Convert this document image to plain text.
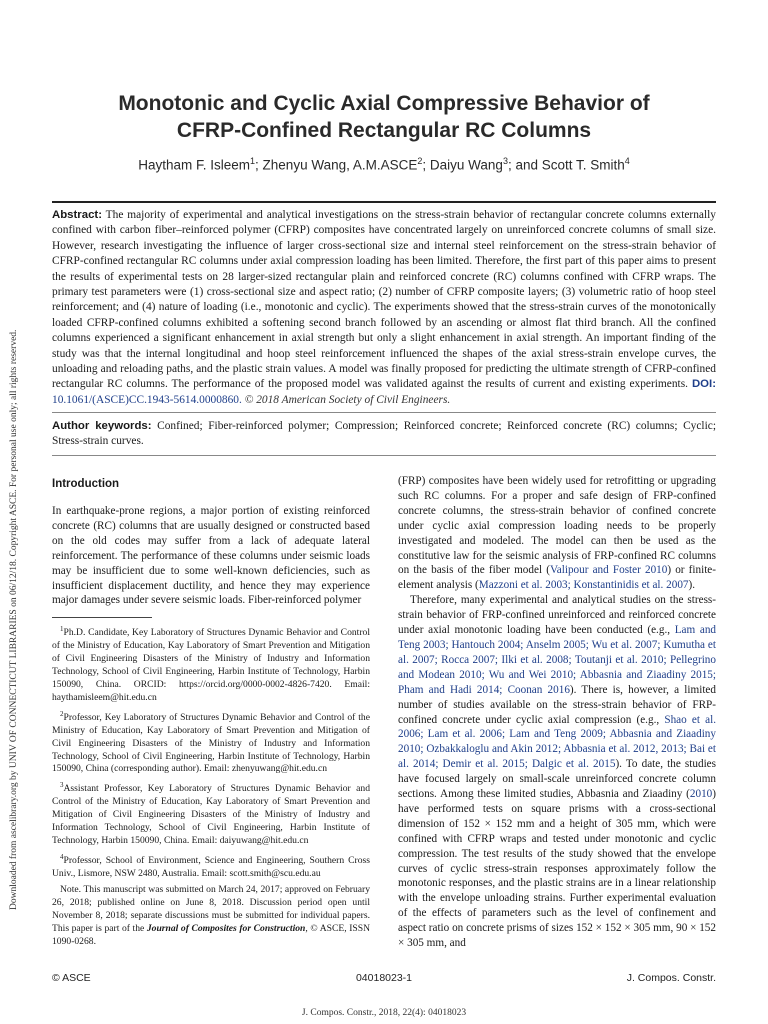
Downloaded from ascelibrary.org by UNIV OF CONNECTICUT LIBRARIES on 06/12/18. Copyright ASCE. For personal use only; all rights reserved.
Monotonic and Cyclic Axial Compressive Behavior of
CFRP-Confined Rectangular RC Columns
Haytham F. Isleem$^1$; Zhenyu Wang, A.M.ASCE$^2$; Daiyu Wang$^3$; and Scott T. Smith$^4$
Abstract: The majority of experimental and analytical investigations on the stress-strain behavior of rectangular concrete columns externally confined with carbon fiber–reinforced polymer (CFRP) composites have concentrated largely on unreinforced concrete columns of small size. However, research investigating the influence of larger cross-sectional size and internal steel reinforcement on the stress-strain behavior of CFRP-confined rectangular RC columns under axial compression loading has been limited. Therefore, the first part of this paper aims to present the results of experimental tests on 28 larger-sized rectangular plain and reinforced concrete (RC) columns confined with CFRP wraps. The primary test parameters were (1) cross-sectional size and aspect ratio; (2) number of CFRP composite layers; (3) volumetric ratio of hoop steel reinforcement; and (4) nature of loading (i.e., monotonic and cyclic). The experiments showed that the stress-strain curves of the monotonically loaded CFRP-confined columns exhibited a softening second branch followed by an ascending or almost flat third branch. All the confined columns experienced a significant enhancement in axial strength but only a slight enhancement in axial strength. An important finding of the study was that the internal longitudinal and hoop steel reinforcement influenced the shapes of the axial stress-strain envelope curves, the unloading and reloading paths, and the plastic strain values. A model was finally proposed for predicting the ultimate strength of CFRP-confined rectangular RC columns. The performance of the proposed model was validated against the results of current and existing experiments. DOI: 10.1061/(ASCE)CC.1943-5614.0000860. © 2018 American Society of Civil Engineers.
Author keywords: Confined; Fiber-reinforced polymer; Compression; Reinforced concrete; Reinforced concrete (RC) columns; Cyclic; Stress-strain curves.
Introduction
In earthquake-prone regions, a major portion of existing reinforced concrete (RC) columns that are usually designed or constructed based on the old codes may suffer from a lack of adequate lateral reinforcement. The performance of these columns under seismic loads may be insufficient due to some well-known deficiencies, such as insufficient displacement ductility, and hence they may experience major damages under severe seismic loads. Fiber-reinforced polymer

$^1$Ph.D. Candidate, Key Laboratory of Structures Dynamic Behavior and Control of the Ministry of Education, Kay Laboratory of Smart Prevention and Mitigation of Civil Engineering Disasters of the Ministry of Industry and Information Technology, School of Civil Engineering, Harbin Institute of Technology, Harbin 150090, China. ORCID: https://orcid.org/0000-0002-4826-7420. Email: haythamisleem@hit.edu.cn

$^2$Professor, Key Laboratory of Structures Dynamic Behavior and Control of the Ministry of Education, Kay Laboratory of Smart Prevention and Mitigation of Civil Engineering Disasters of the Ministry of Industry and Information Technology, School of Civil Engineering, Harbin Institute of Technology, Harbin 150090, China (corresponding author). Email: zhenyuwang@hit.edu.cn

$^3$Assistant Professor, Key Laboratory of Structures Dynamic Behavior and Control of the Ministry of Education, Kay Laboratory of Smart Prevention and Mitigation of Civil Engineering Disasters of the Ministry of Industry and Information Technology, School of Civil Engineering, Harbin Institute of Technology, Harbin 150090, China. Email: daiyuwang@hit.edu.cn

$^4$Professor, School of Environment, Science and Engineering, Southern Cross Univ., Lismore, NSW 2480, Australia. Email: scott.smith@scu.edu.au

Note. This manuscript was submitted on March 24, 2017; approved on February 26, 2018; published online on June 8, 2018. Discussion period open until November 8, 2018; separate discussions must be submitted for individual papers. This paper is part of the Journal of Composites for Construction, © ASCE, ISSN 1090-0268.

(FRP) composites have been widely used for retrofitting or upgrading such RC columns. For a proper and safe design of FRP-confined concrete columns, the stress-strain behavior of confined concrete under cyclic axial compression loading needs to be properly investigated and modeled. The model can then be used as the constitutive law for the seismic analysis of FRP-confined RC columns on the basis of the fiber model (Valipour and Foster 2010) or finite-element analysis (Mazzoni et al. 2003; Konstantinidis et al. 2007).

Therefore, many experimental and analytical studies on the stress-strain behavior of FRP-confined unreinforced and reinforced concrete under axial monotonic loading have been conducted (e.g., Lam and Teng 2003; Hantouch 2004; Anselm 2005; Wu et al. 2007; Kumutha et al. 2007; Rocca 2007; Ilki et al. 2008; Toutanji et al. 2010; Pellegrino and Modean 2010; Wu and Wei 2010; Abbasnia and Ziaadiny 2015; Pham and Hadi 2014; Coonan 2016). There is, however, a limited number of studies available on the stress-strain behavior of FRP-confined concrete under cyclic axial compression (e.g., Shao et al. 2006; Lam et al. 2006; Lam and Teng 2009; Abbasnia and Ziaadiny 2010; Ozbakkaloglu and Akin 2012; Abbasnia et al. 2012, 2013; Bai et al. 2014; Demir et al. 2015; Dalgic et al. 2015). To date, the studies have focused largely on small-scale unreinforced concrete column sections. Among these limited studies, Abbasnia and Ziaadiny (2010) have performed tests on square prisms with a cross-sectional dimension of 152 × 152 mm and a height of 305 mm, which were confined with CFRP wraps and tested under monotonic and cyclic compression. The test results of the study showed that the envelope curves of cyclic stress-strain responses approximately follow the monotonic responses, and the plastic strains are in a linear relationship with the envelope unloading strains. Further experimental evaluation of the effects of parameters such as the level of confinement and aspect ratio on concrete prisms of sizes 152 × 152 × 305 mm, 90 × 152 × 305 mm, and

© ASCE	04018023-1	J. Compos. Constr.
J. Compos. Constr., 2018, 22(4): 04018023
